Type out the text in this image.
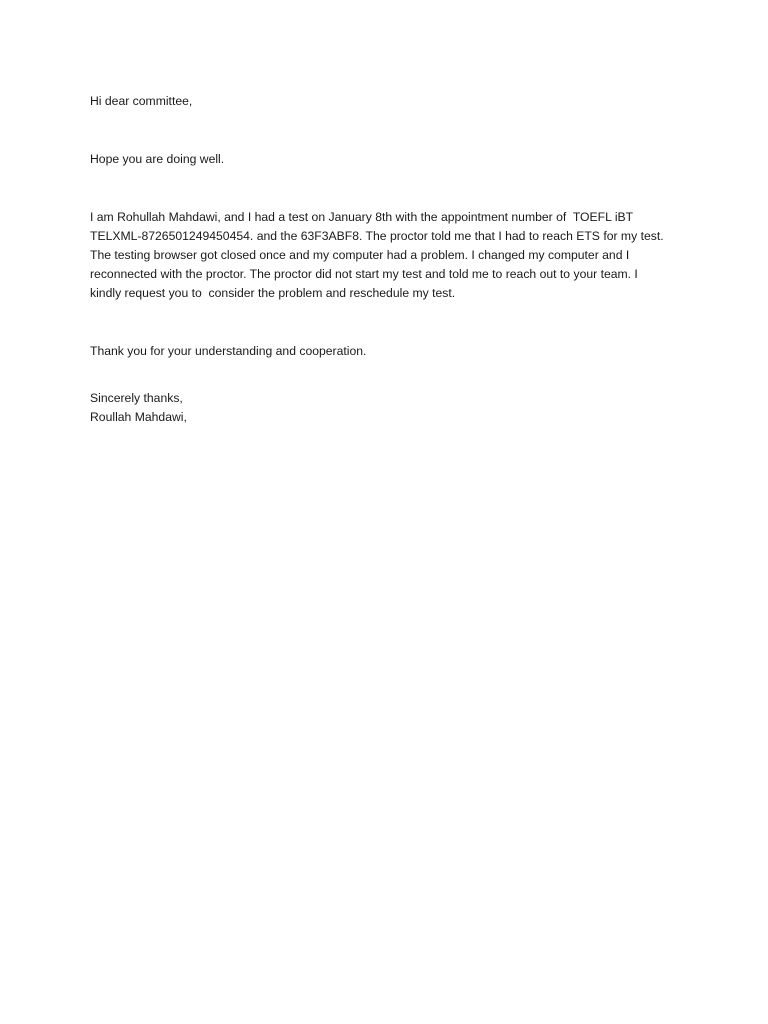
Hi dear committee,
Hope you are doing well.
I am Rohullah Mahdawi, and I had a test on January 8th with the appointment number of  TOEFL iBT
TELXML-8726501249450454. and the 63F3ABF8. The proctor told me that I had to reach ETS for my test.
The testing browser got closed once and my computer had a problem. I changed my computer and I
reconnected with the proctor. The proctor did not start my test and told me to reach out to your team. I
kindly request you to  consider the problem and reschedule my test.
Thank you for your understanding and cooperation.
Sincerely thanks,
Roullah Mahdawi,
